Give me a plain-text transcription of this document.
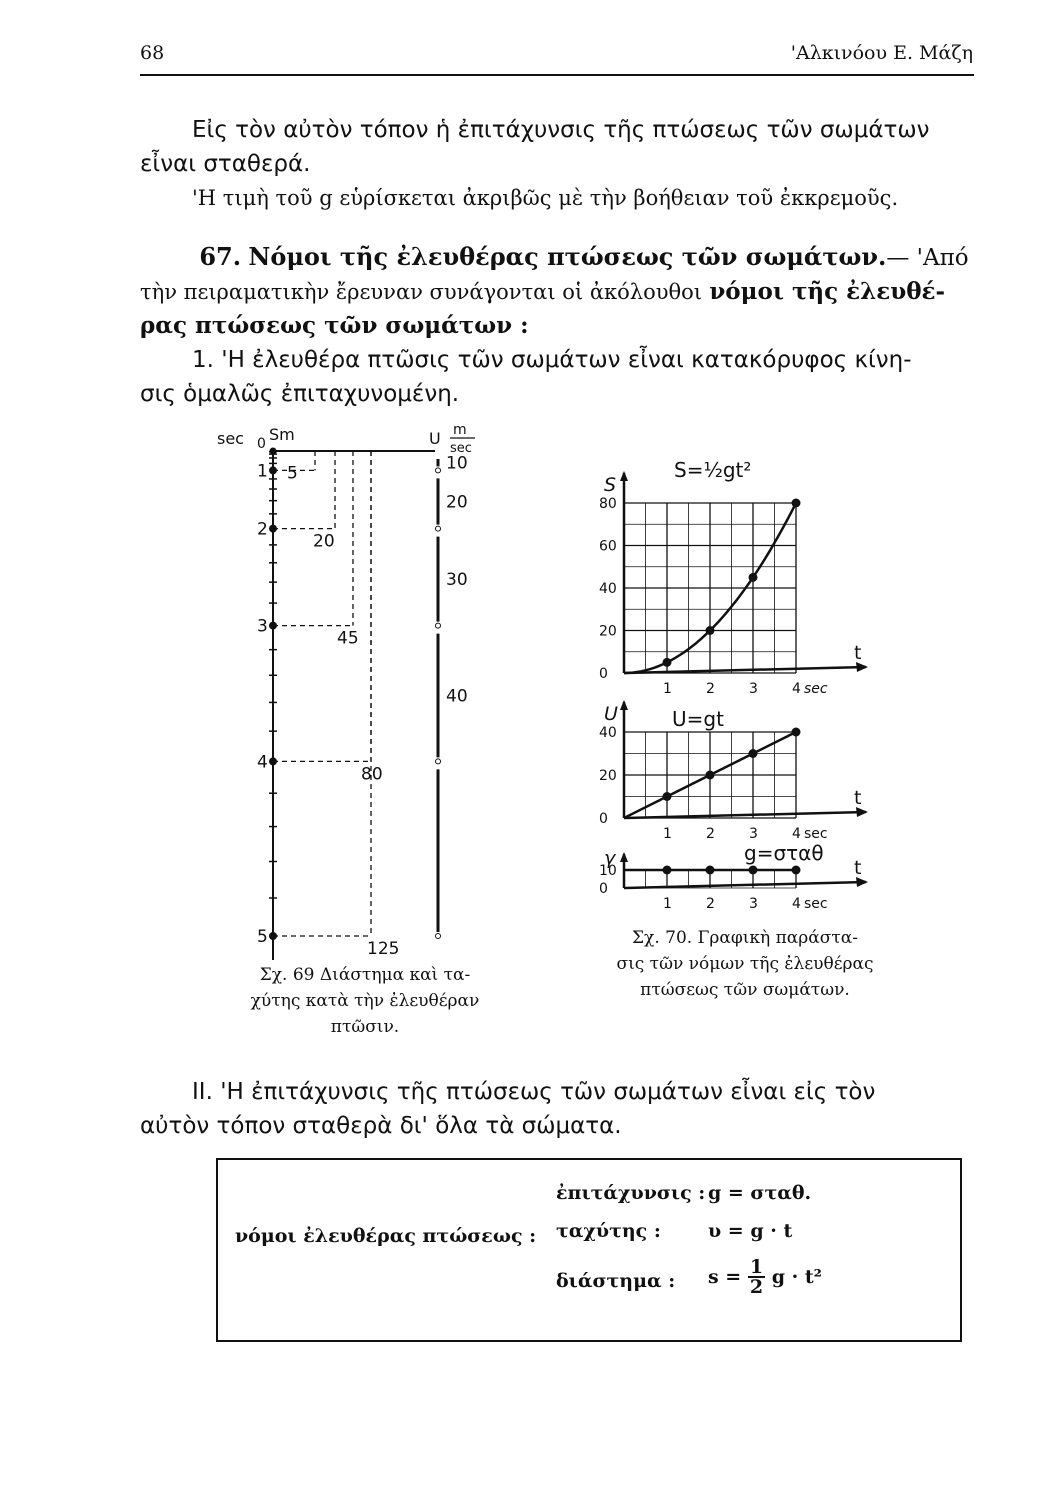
68	'Αλκινόου Ε. Μάζη
Εἰς τὸν αὐτὸν τόπον ἡ ἐπιτάχυνσις τῆς πτώσεως τῶν σωμάτων
εἶναι σταθερά.
'Η τιμὴ τοῦ g εὑρίσκεται ἀκριβῶς μὲ τὴν βοήθειαν τοῦ ἐκκρεμοῦς.
67. Νόμοι τῆς ἐλευθέρας πτώσεως τῶν σωμάτων.— 'Από
τὴν πειραματικὴν ἔρευναν συνάγονται οἱ ἀκόλουθοι νόμοι τῆς ἐλευθέ-
ρας πτώσεως τῶν σωμάτων :
1. 'Η ἐλευθέρα πτῶσις τῶν σωμάτων εἶναι κατακόρυφος κίνη-
σις ὁμαλῶς ἐπιταχυνομένη.
sec 0 Sm	U m
sec
1
2
3
4
5
5
20
45
80
125
10
20
30
40
Σχ. 69 Διάστημα καὶ τα-
χύτης κατὰ τὴν ἐλευθέραν
πτῶσιν.
t
S
S=½gt²
0
20
40
60
80
1 2 3 4 sec
t
U	U=gt
0
20
40
1 2 3 4 sec
t
γ	g=σταθ
0
10
1 2 3 4 sec
Σχ. 70. Γραφικὴ παράστα-
σις τῶν νόμων τῆς ἐλευθέρας
πτώσεως τῶν σωμάτων.
ΙΙ. 'Η ἐπιτάχυνσις τῆς πτώσεως τῶν σωμάτων εἶναι εἰς τὸν
αὐτὸν τόπον σταθερὰ δι' ὅλα τὰ σώματα.
νόμοι ἐλευθέρας πτώσεως :
ἐπιτάχυνσις : g = σταθ.
ταχύτης : υ = g · t
διάστημα : $s = \frac{1}{2}$ g · t²
